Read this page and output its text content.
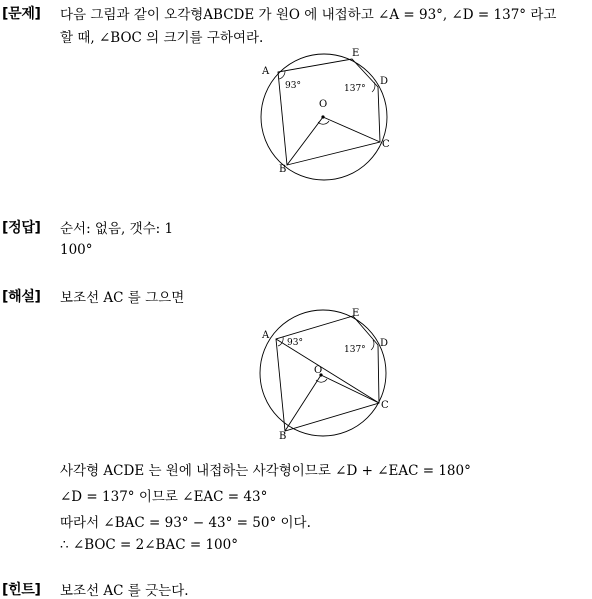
[문제] 다음 그림과 같이 오각형ABCDE 가 원O 에 내접하고 ∠A = 93°, ∠D = 137° 라고
할 때, ∠BOC 의 크기를 구하여라.
A
B
C
D
E
O
93°	137°
[정답] 순서: 없음, 갯수: 1
100°
[해설] 보조선 AC 를 그으면
A
B
C
D
E
O
93°
137°
사각형 ACDE 는 원에 내접하는 사각형이므로 ∠D + ∠EAC = 180°
∠D = 137° 이므로 ∠EAC = 43°
따라서 ∠BAC = 93° − 43° = 50° 이다.
∴ ∠BOC = 2∠BAC = 100°
[힌트] 보조선 AC 를 긋는다.
